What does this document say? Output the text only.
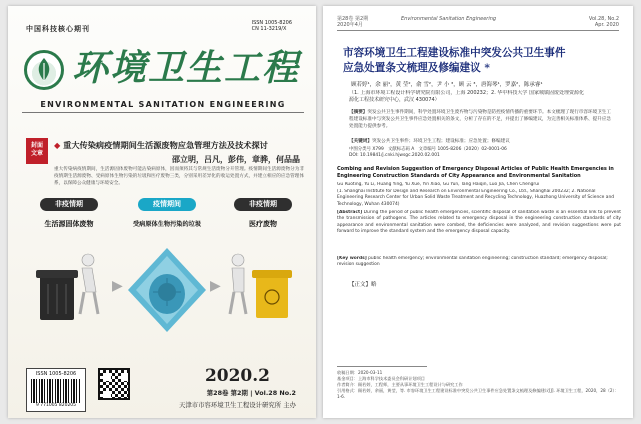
中国科技核心期刊
ISSN 1005-8206
CN 11-3219/X
环境卫生工程
ENVIRONMENTAL SANITATION ENGINEERING
封面
文章
◆ 重大传染病疫情期间生活源废物应急管理方法及技术探讨
邵立明，吕凡，彭伟，章骅，何品晶
重大传染病疫情期间，生活源固体废物可能沾染病原体，因而须将其与常规生活废物分开管理。疫情期间生活源废物分为非疫情期生活源废物、受病原体生物污染的垃圾和医疗废物三类，分别采用差异化的收运处置方式，并建立相应的应急管理体系，以保障公众健康与环境安全。
非疫情期
生活源固体废物
▶
疫情期间
受病原体生物污染的垃圾
▶
非疫情期
医疗废物
ISSN 1005-8206
9 771005 820205
2020.2
第28卷 第2期 | Vol.28 No.2
天津市市容环境卫生工程设计研究所 主办
第28卷 第2期
2020年4月
Environmental Sanitation Engineering	Vol.28, No.2
Apr. 2020
市容环境卫生工程建设标准中突发公共卫生事件
应急处置条文梳理及修编建议 *
顾若婷¹，余 丽¹，黄 莹²，俞 雪²，尹 小 ³，顾 云 ³，唐海琴¹，罗嘉²，陈承睿¹
（1. 上海市环境工程设计科学研究院有限公司，上海 200232；2. 华中科技大学 国家城镇固废处理资源化
源化工程技术研究中心，武汉 430074）
【摘要】突发公共卫生事件期间，科学处置环境卫生废弃物与污染物是防控疫情传播的重要环节。本文梳理了现行市容环境卫生工程建设标准中与突发公共卫生事件应急处置相关的条文，分析了存在的不足，并提出了修编建议，为完善相关标准体系、提升应急处置能力提供参考。
【关键词】突发公共卫生事件；环境卫生工程；建设标准；应急处置；修编建议
中图分类号 X799 文献标志码 A 文章编号 1005-8206（2020）02-0001-06
DOI: 10.19841/j.cnki.hjwsgc.2020.02.001
Combing and Revision Suggestion of Emergency Disposal Articles of Public Health Emergencies in
Engineering Construction Standards of City Appearance and Environmental Sanitation
Gu Ruoting, Yu Li, Huang Ying, Yu Xue, Yin Xiao, Gu Yun, Tang Haiqin, Luo Jia, Chen Chengrui
(1. Shanghai Institute for Design and Research on Environmental Engineering Co., Ltd., Shanghai 200232; 2. National Engineering Research Center for Urban Solid Waste Treatment and Recycling Technology, Huazhong University of Science and Technology, Wuhan 430074)
[Abstract] During the period of public health emergencies, scientific disposal of sanitation waste is an essential link to prevent the transmission of pathogens. The articles related to emergency disposal in the engineering construction standards of city appearance and environmental sanitation were combed, the deficiencies were analyzed, and revision suggestions were put forward to improve the standard system and the emergency disposal capacity.
[Key words] public health emergency; environmental sanitation engineering; construction standard; emergency disposal; revision suggestion
【正文】略
收稿日期：2020-03-11
基金项目：上海市科学技术委员会科研计划项目
作者简介：顾若婷，工程师，主要从事环境卫生工程设计与研究工作
引用格式：顾若婷，余丽，黄莹，等. 市容环境卫生工程建设标准中突发公共卫生事件应急处置条文梳理及修编建议[J]. 环境卫生工程，2020，28（2）：1-6.
